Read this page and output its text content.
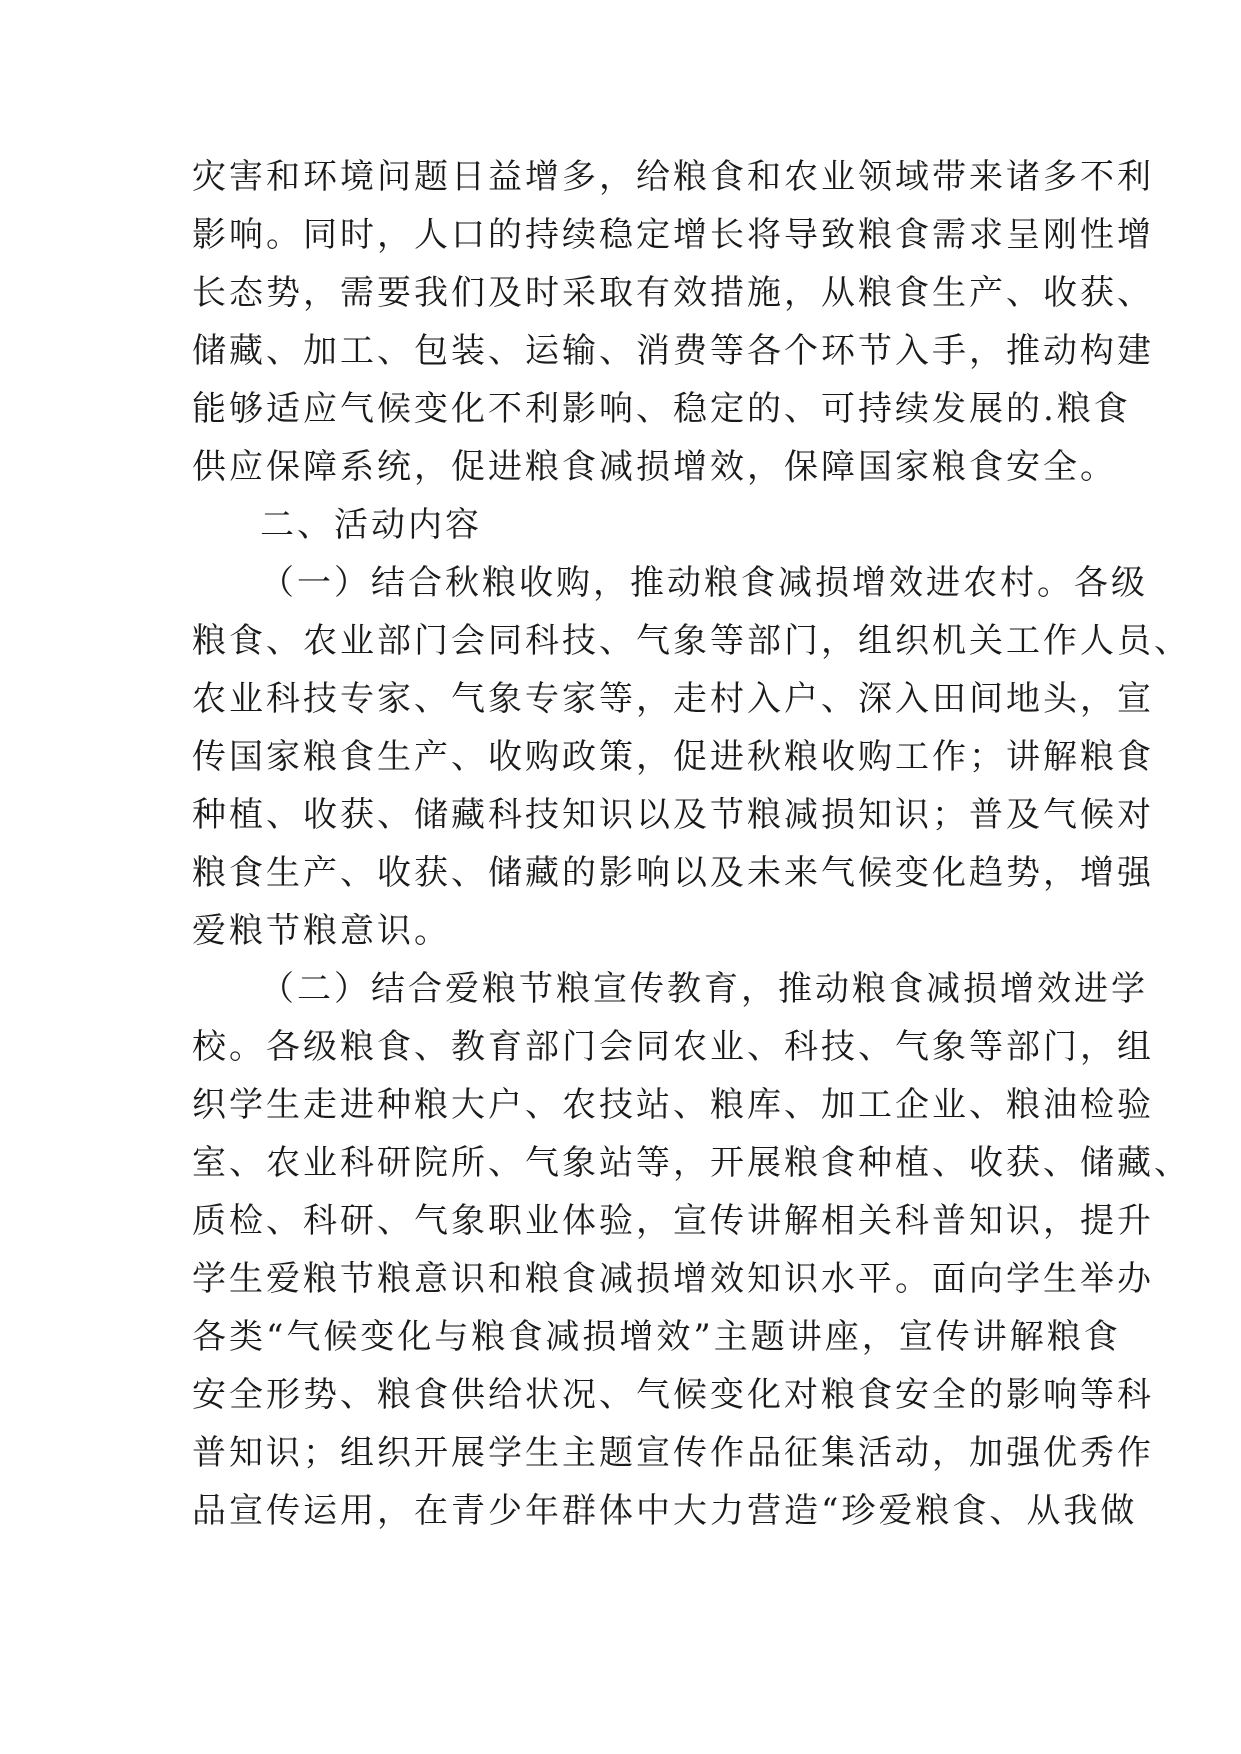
灾害和环境问题日益增多，给粮食和农业领域带来诸多不利
影响。同时，人口的持续稳定增长将导致粮食需求呈刚性增
长态势，需要我们及时采取有效措施，从粮食生产、收获、
储藏、加工、包装、运输、消费等各个环节入手，推动构建
能够适应气候变化不利影响、稳定的、可持续发展的.粮食
供应保障系统，促进粮食减损增效，保障国家粮食安全。
二、活动内容
（一）结合秋粮收购，推动粮食减损增效进农村。各级
粮食、农业部门会同科技、气象等部门，组织机关工作人员、
农业科技专家、气象专家等，走村入户、深入田间地头，宣
传国家粮食生产、收购政策，促进秋粮收购工作；讲解粮食
种植、收获、储藏科技知识以及节粮减损知识；普及气候对
粮食生产、收获、储藏的影响以及未来气候变化趋势，增强
爱粮节粮意识。
（二）结合爱粮节粮宣传教育，推动粮食减损增效进学
校。各级粮食、教育部门会同农业、科技、气象等部门，组
织学生走进种粮大户、农技站、粮库、加工企业、粮油检验
室、农业科研院所、气象站等，开展粮食种植、收获、储藏、
质检、科研、气象职业体验，宣传讲解相关科普知识，提升
学生爱粮节粮意识和粮食减损增效知识水平。面向学生举办
各类“气候变化与粮食减损增效”主题讲座，宣传讲解粮食
安全形势、粮食供给状况、气候变化对粮食安全的影响等科
普知识；组织开展学生主题宣传作品征集活动，加强优秀作
品宣传运用，在青少年群体中大力营造“珍爱粮食、从我做
